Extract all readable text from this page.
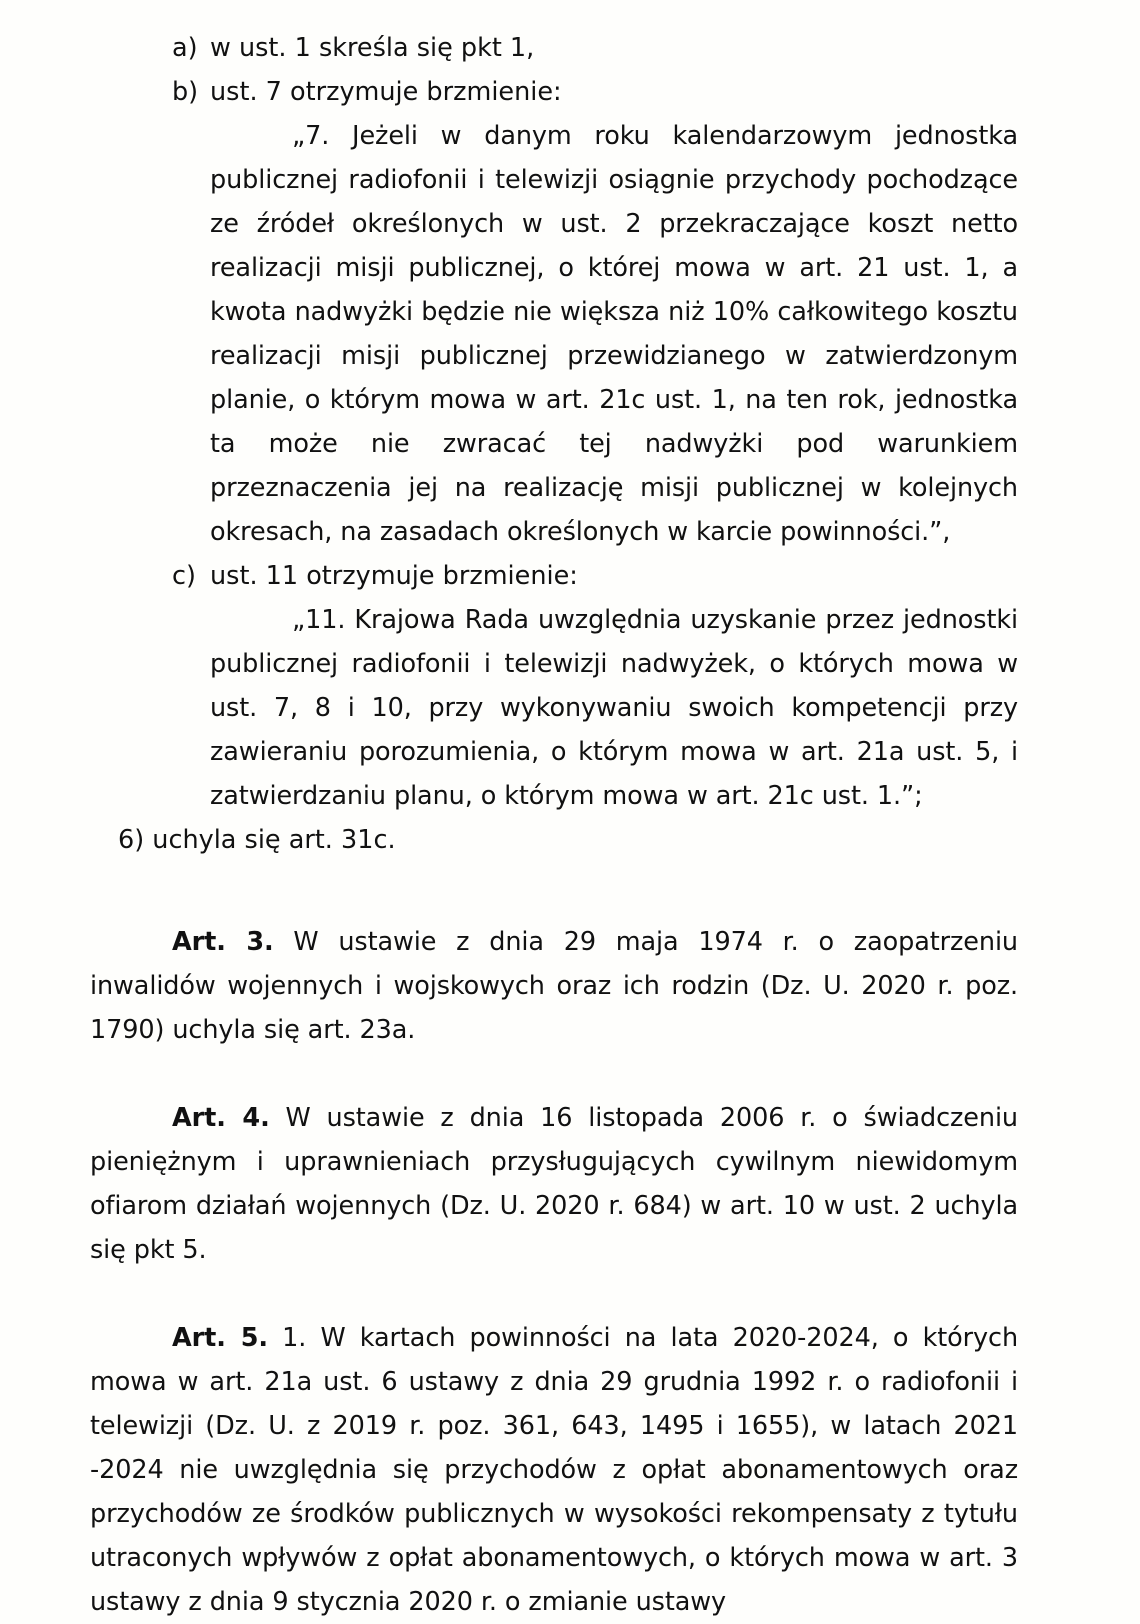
a) w ust. 1 skreśla się pkt 1,
b) ust. 7 otrzymuje brzmienie:

„7. Jeżeli w danym roku kalendarzowym jednostka publicznej radiofonii i telewizji osiągnie przychody pochodzące ze źródeł określonych w ust. 2 przekraczające koszt netto realizacji misji publicznej, o której mowa w art. 21 ust. 1, a kwota nadwyżki będzie nie większa niż 10% całkowitego kosztu realizacji misji publicznej przewidzianego w zatwierdzonym planie, o którym mowa w art. 21c ust. 1, na ten rok, jednostka ta może nie zwracać tej nadwyżki pod warunkiem przeznaczenia jej na realizację misji publicznej w kolejnych okresach, na zasadach określonych w karcie powinności.”,

c) ust. 11 otrzymuje brzmienie:

„11. Krajowa Rada uwzględnia uzyskanie przez jednostki publicznej radiofonii i telewizji nadwyżek, o których mowa w ust. 7, 8 i 10, przy wykonywaniu swoich kompetencji przy zawieraniu porozumienia, o którym mowa w art. 21a ust. 5, i zatwierdzaniu planu, o którym mowa w art. 21c ust. 1.”;

6) uchyla się art. 31c.

Art. 3. W ustawie z dnia 29 maja 1974 r. o zaopatrzeniu inwalidów wojennych i wojskowych oraz ich rodzin (Dz. U. 2020 r. poz. 1790) uchyla się art. 23a.

Art. 4. W ustawie z dnia 16 listopada 2006 r. o świadczeniu pieniężnym i uprawnieniach przysługujących cywilnym niewidomym ofiarom działań wojennych (Dz. U. 2020 r. 684) w art. 10 w ust. 2 uchyla się pkt 5.

Art. 5. 1. W kartach powinności na lata 2020-2024, o których mowa w art. 21a ust. 6 ustawy z dnia 29 grudnia 1992 r. o radiofonii i telewizji (Dz. U. z 2019 r. poz. 361, 643, 1495 i 1655), w latach 2021 -2024 nie uwzględnia się przychodów z opłat abonamentowych oraz przychodów ze środków publicznych w wysokości rekompensaty z tytułu utraconych wpływów z opłat abonamentowych, o których mowa w art. 3 ustawy z dnia 9 stycznia 2020 r. o zmianie ustawy
